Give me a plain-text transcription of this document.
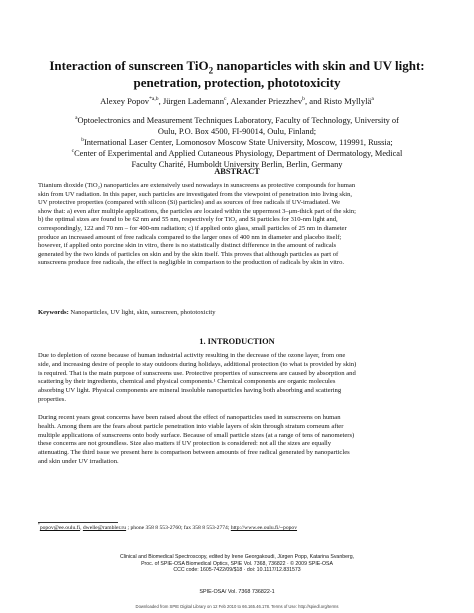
Interaction of sunscreen TiO$_2$ nanoparticles with skin and UV light:
penetration, protection, phototoxicity
Alexey Popov$^{*a,b}$, Jürgen Lademann$^c$, Alexander Priezzhev$^b$, and Risto Myllylä$^a$
$^a$Optoelectronics and Measurement Techniques Laboratory, Faculty of Technology, University of
Oulu, P.O. Box 4500, FI-90014, Oulu, Finland;
$^b$International Laser Center, Lomonosov Moscow State University, Moscow, 119991, Russia;
$^c$Center of Experimental and Applied Cutaneous Physiology, Department of Dermatology, Medical
Faculty Charité, Humboldt University Berlin, Berlin, Germany
ABSTRACT
Titanium dioxide (TiO₂) nanoparticles are extensively used nowadays in sunscreens as protective compounds for human
skin from UV radiation. In this paper, such particles are investigated from the viewpoint of penetration into living skin,
UV protective properties (compared with silicon (Si) particles) and as sources of free radicals if UV-irradiated. We
show that: a) even after multiple applications, the particles are located within the uppermost 3–μm-thick part of the skin;
b) the optimal sizes are found to be 62 nm and 55 nm, respectively for TiO₂ and Si particles for 310-nm light and,
correspondingly, 122 and 70 nm – for 400-nm radiation; c) if applied onto glass, small particles of 25 nm in diameter
produce an increased amount of free radicals compared to the larger ones of 400 nm in diameter and placebo itself;
however, if applied onto porcine skin in vitro, there is no statistically distinct difference in the amount of radicals
generated by the two kinds of particles on skin and by the skin itself. This proves that although particles as part of
sunscreens produce free radicals, the effect is negligible in comparison to the production of radicals by skin in vitro.
Keywords: Nanoparticles, UV light, skin, sunscreen, phototoxicity
1. INTRODUCTION
Due to depletion of ozone because of human industrial activity resulting in the decrease of the ozone layer, from one
side, and increasing desire of people to stay outdoors during holidays, additional protection (to what is provided by skin)
is required. That is the main purpose of sunscreens use. Protective properties of sunscreens are caused by absorption and
scattering by their ingredients, chemical and physical components.¹ Chemical components are organic molecules
absorbing UV light. Physical components are mineral insoluble nanoparticles having both absorbing and scattering
properties.
During recent years great concerns have been raised about the effect of nanoparticles used in sunscreens on human
health. Among them are the fears about particle penetration into viable layers of skin through stratum corneum after
multiple applications of sunscreens onto body surface. Because of small particle sizes (at a range of tens of nanometers)
these concerns are not groundless. Size also matters if UV protection is considered: not all the sizes are equally
attenuating. The third issue we present here is comparison between amounts of free radical generated by nanoparticles
and skin under UV irradiation.
*popov@ee.oulu.fi, dwelle@rambler.ru ; phone 358 8 553-2760; fax 358 8 553-2774; http://www.ee.oulu.fi/~popov
Clinical and Biomedical Spectroscopy, edited by Irene Georgakoudi, Jürgen Popp, Katarina Svanberg,
Proc. of SPIE-OSA Biomedical Optics, SPIE Vol. 7368, 736822 · © 2009 SPIE-OSA
CCC code: 1605-7422/09/$18 · doi: 10.1117/12.831573
SPIE-OSA/ Vol. 7368 736822-1
Downloaded from SPIE Digital Library on 12 Feb 2010 to 66.165.46.178. Terms of Use: http://spiedl.org/terms
